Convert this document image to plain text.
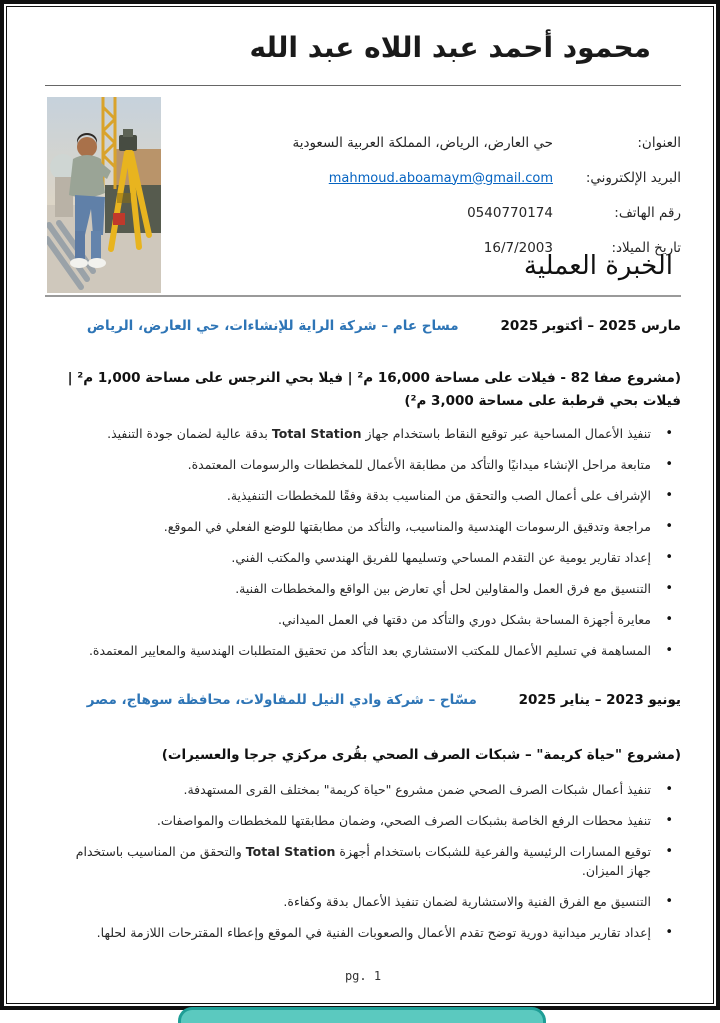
محمود أحمد عبد اللاه عبد الله
العنوان:
حي العارض، الرياض، المملكة العربية السعودية
البريد الإلكتروني:
mahmoud.aboamaym@gmail.com
رقم الهاتف:
0540770174
تاريخ الميلاد:
16/7/2003
الخبرة العملية
مارس 2025 – أكتوبر 2025
مساح عام – شركة الراية للإنشاءات، حي العارض، الرياض
(مشروع صفا 82 - فيلات على مساحة 16,000 م² | فيلا بحي النرجس على مساحة 1,000 م² | فيلات بحي قرطبة على مساحة 3,000 م²)
• تنفيذ الأعمال المساحية عبر توقيع النقاط باستخدام جهاز Total Station بدقة عالية لضمان جودة التنفيذ.
• متابعة مراحل الإنشاء ميدانيًا والتأكد من مطابقة الأعمال للمخططات والرسومات المعتمدة.
• الإشراف على أعمال الصب والتحقق من المناسيب بدقة وفقًا للمخططات التنفيذية.
• مراجعة وتدقيق الرسومات الهندسية والمناسيب، والتأكد من مطابقتها للوضع الفعلي في الموقع.
• إعداد تقارير يومية عن التقدم المساحي وتسليمها للفريق الهندسي والمكتب الفني.
• التنسيق مع فرق العمل والمقاولين لحل أي تعارض بين الواقع والمخططات الفنية.
• معايرة أجهزة المساحة بشكل دوري والتأكد من دقتها في العمل الميداني.
• المساهمة في تسليم الأعمال للمكتب الاستشاري بعد التأكد من تحقيق المتطلبات الهندسية والمعايير المعتمدة.
يونيو 2023 – يناير 2025
مسّاح – شركة وادي النيل للمقاولات، محافظة سوهاج، مصر
(مشروع "حياة كريمة" – شبكات الصرف الصحي بقُرى مركزي جرجا والعسيرات)
• تنفيذ أعمال شبكات الصرف الصحي ضمن مشروع "حياة كريمة" بمختلف القرى المستهدفة.
• تنفيذ محطات الرفع الخاصة بشبكات الصرف الصحي، وضمان مطابقتها للمخططات والمواصفات.
• توقيع المسارات الرئيسية والفرعية للشبكات باستخدام أجهزة Total Station والتحقق من المناسيب باستخدام جهاز الميزان.
• التنسيق مع الفرق الفنية والاستشارية لضمان تنفيذ الأعمال بدقة وكفاءة.
• إعداد تقارير ميدانية دورية توضح تقدم الأعمال والصعوبات الفنية في الموقع وإعطاء المقترحات اللازمة لحلها.
pg. 1
